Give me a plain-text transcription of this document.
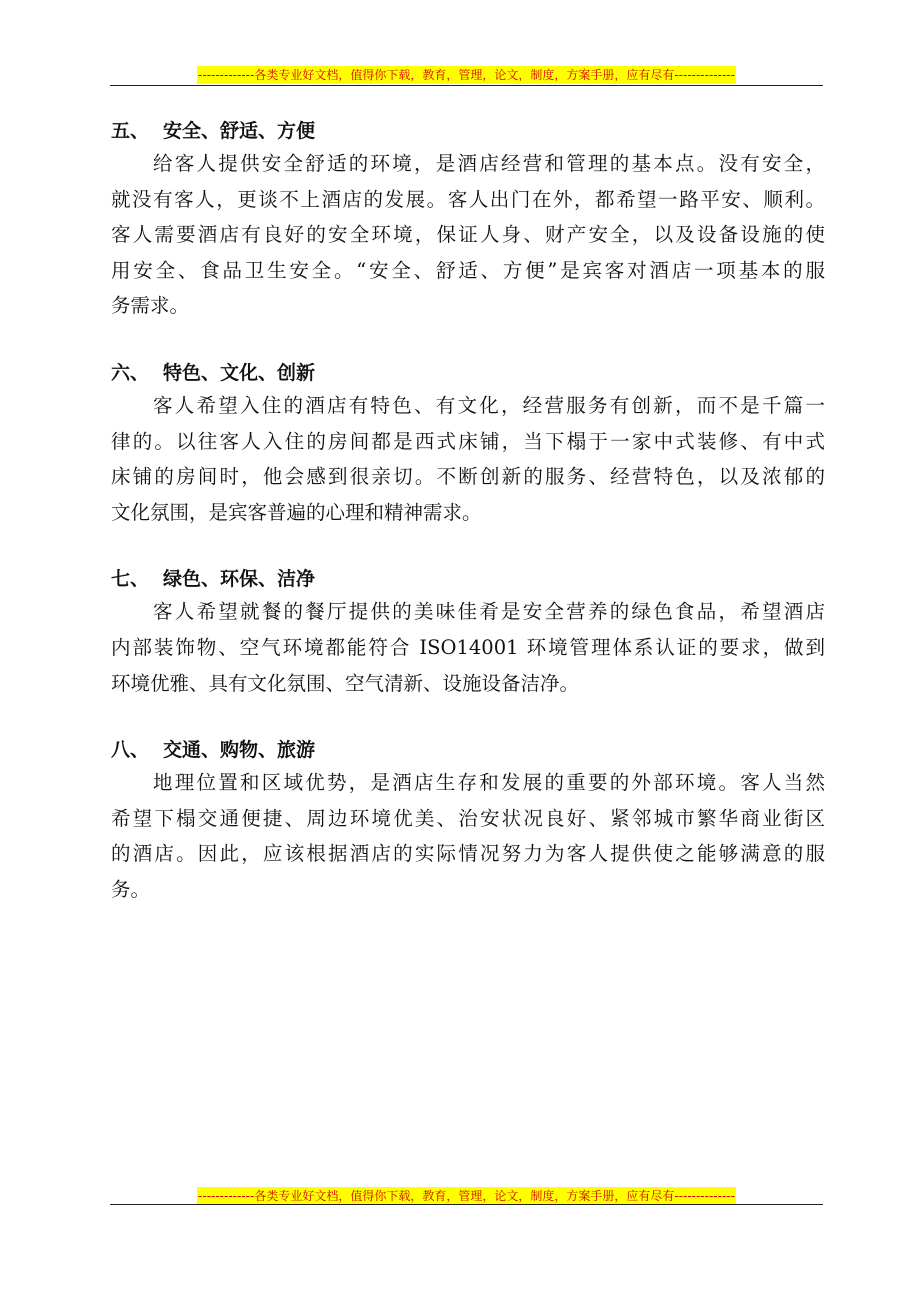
-------------各类专业好文档，值得你下载，教育，管理，论文，制度，方案手册，应有尽有--------------
五、 安全、舒适、方便

给客人提供安全舒适的环境，是酒店经营和管理的基本点。没有安全，
就没有客人，更谈不上酒店的发展。客人出门在外，都希望一路平安、顺利。
客人需要酒店有良好的安全环境，保证人身、财产安全，以及设备设施的使
用安全、食品卫生安全。“安全、舒适、方便”是宾客对酒店一项基本的服
务需求。

六、 特色、文化、创新

客人希望入住的酒店有特色、有文化，经营服务有创新，而不是千篇一
律的。以往客人入住的房间都是西式床铺，当下榻于一家中式装修、有中式
床铺的房间时，他会感到很亲切。不断创新的服务、经营特色，以及浓郁的
文化氛围，是宾客普遍的心理和精神需求。

七、 绿色、环保、洁净

客人希望就餐的餐厅提供的美味佳肴是安全营养的绿色食品，希望酒店
内部装饰物、空气环境都能符合 ISO14001 环境管理体系认证的要求，做到
环境优雅、具有文化氛围、空气清新、设施设备洁净。

八、 交通、购物、旅游

地理位置和区域优势，是酒店生存和发展的重要的外部环境。客人当然
希望下榻交通便捷、周边环境优美、治安状况良好、紧邻城市繁华商业街区
的酒店。因此，应该根据酒店的实际情况努力为客人提供使之能够满意的服
务。

-------------各类专业好文档，值得你下载，教育，管理，论文，制度，方案手册，应有尽有--------------
